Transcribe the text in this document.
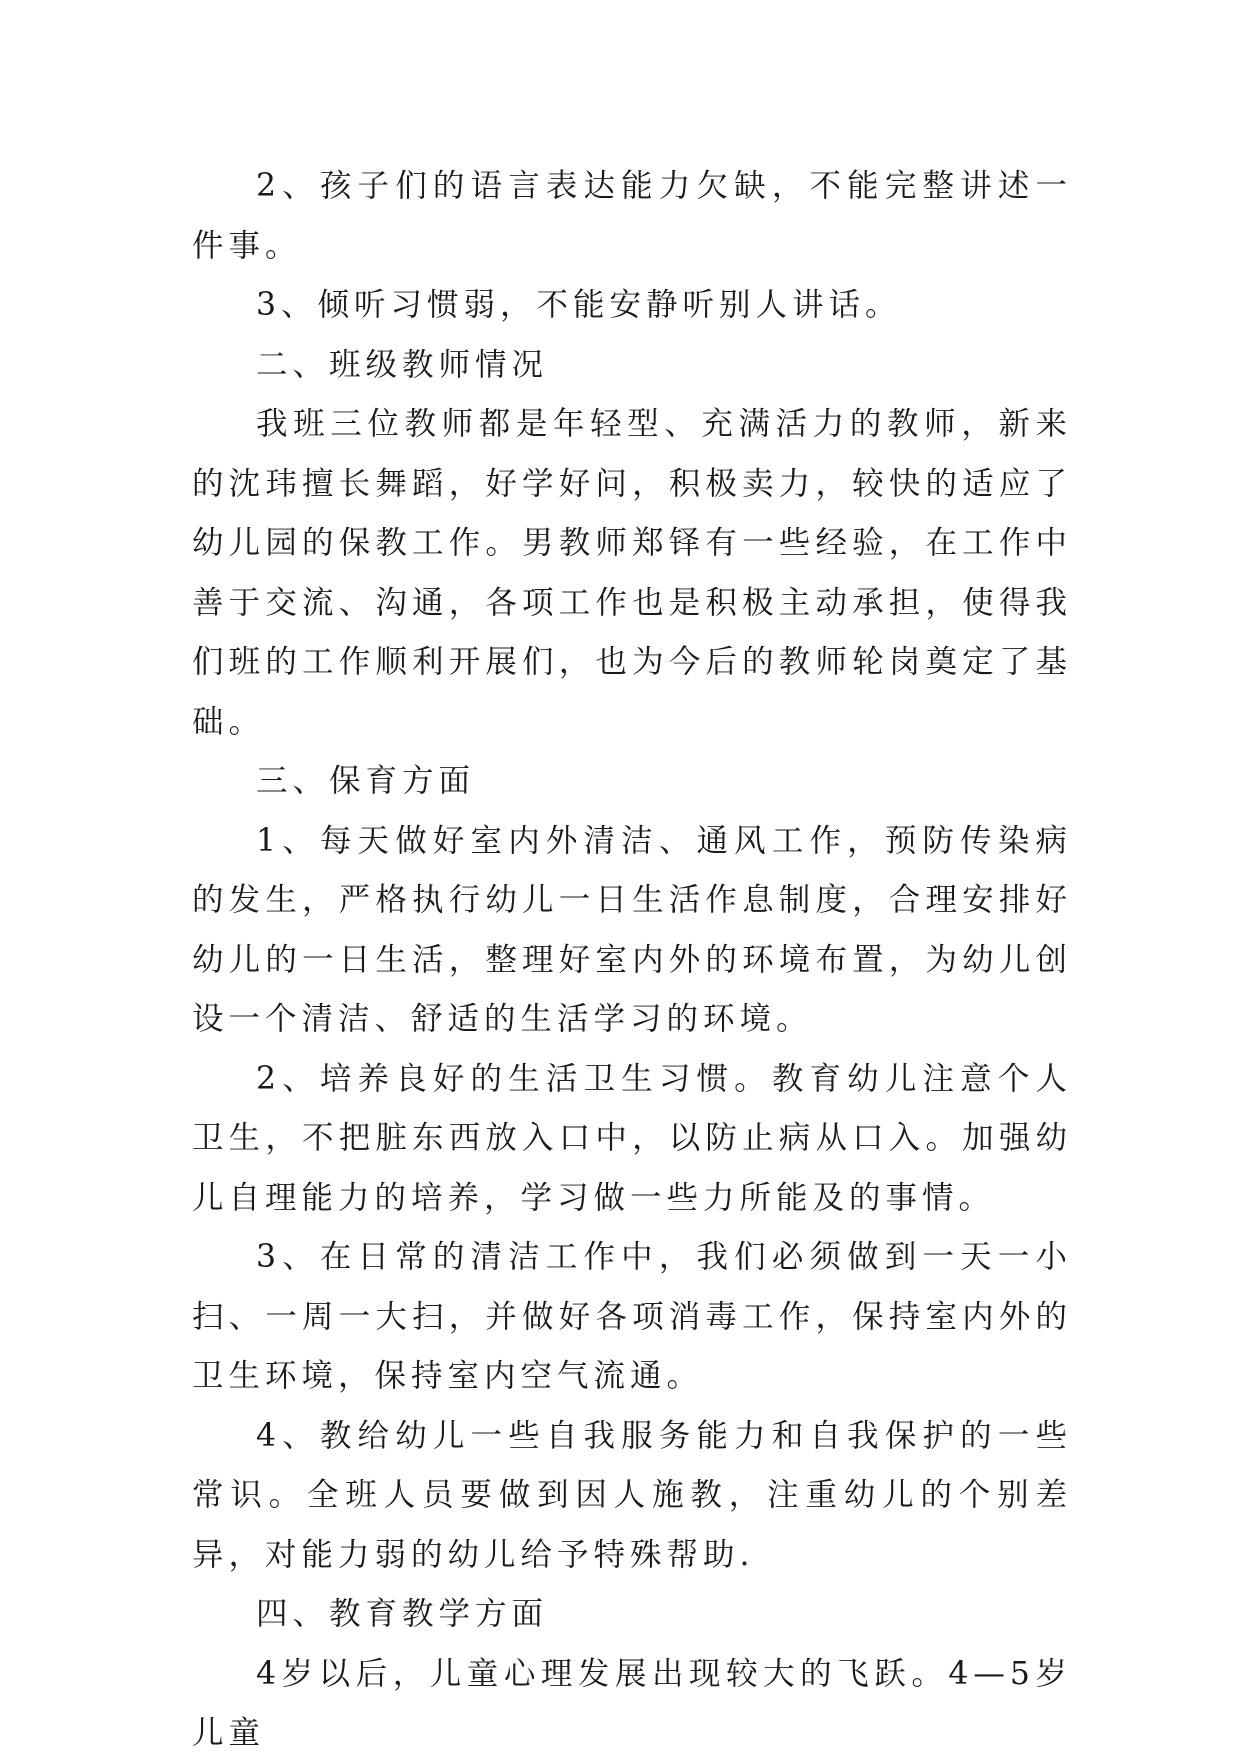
2、孩子们的语言表达能力欠缺，不能完整讲述一件事。

3、倾听习惯弱，不能安静听别人讲话。

二、班级教师情况

我班三位教师都是年轻型、充满活力的教师，新来的沈玮擅长舞蹈，好学好问，积极卖力，较快的适应了幼儿园的保教工作。男教师郑铎有一些经验，在工作中善于交流、沟通，各项工作也是积极主动承担，使得我们班的工作顺利开展们，也为今后的教师轮岗奠定了基础。

三、保育方面

1、每天做好室内外清洁、通风工作，预防传染病的发生，严格执行幼儿一日生活作息制度，合理安排好幼儿的一日生活，整理好室内外的环境布置，为幼儿创设一个清洁、舒适的生活学习的环境。

2、培养良好的生活卫生习惯。教育幼儿注意个人卫生，不把脏东西放入口中，以防止病从口入。加强幼儿自理能力的培养，学习做一些力所能及的事情。

3、在日常的清洁工作中，我们必须做到一天一小扫、一周一大扫，并做好各项消毒工作，保持室内外的卫生环境，保持室内空气流通。

4、教给幼儿一些自我服务能力和自我保护的一些常识。全班人员要做到因人施教，注重幼儿的个别差异，对能力弱的幼儿给予特殊帮助.

四、教育教学方面

4岁以后，儿童心理发展出现较大的飞跃。4—5岁儿童
